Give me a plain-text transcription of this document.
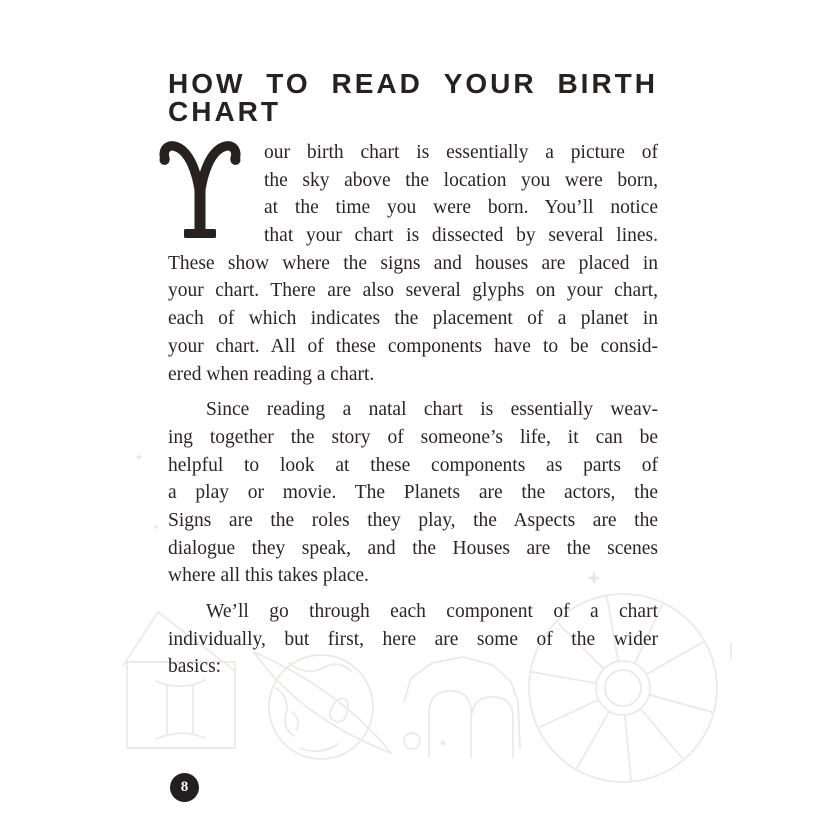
HOW TO READ YOUR BIRTH
CHART
our birth chart is essentially a picture of
the sky above the location you were born,
at the time you were born. You’ll notice
that your chart is dissected by several lines.
These show where the signs and houses are placed in
your chart. There are also several glyphs on your chart,
each of which indicates the placement of a planet in
your chart. All of these components have to be consid-
ered when reading a chart.
Since reading a natal chart is essentially weav-
ing together the story of someone’s life, it can be
helpful to look at these components as parts of
a play or movie. The Planets are the actors, the
Signs are the roles they play, the Aspects are the
dialogue they speak, and the Houses are the scenes
where all this takes place.
We’ll go through each component of a chart
individually, but first, here are some of the wider
basics:
8
